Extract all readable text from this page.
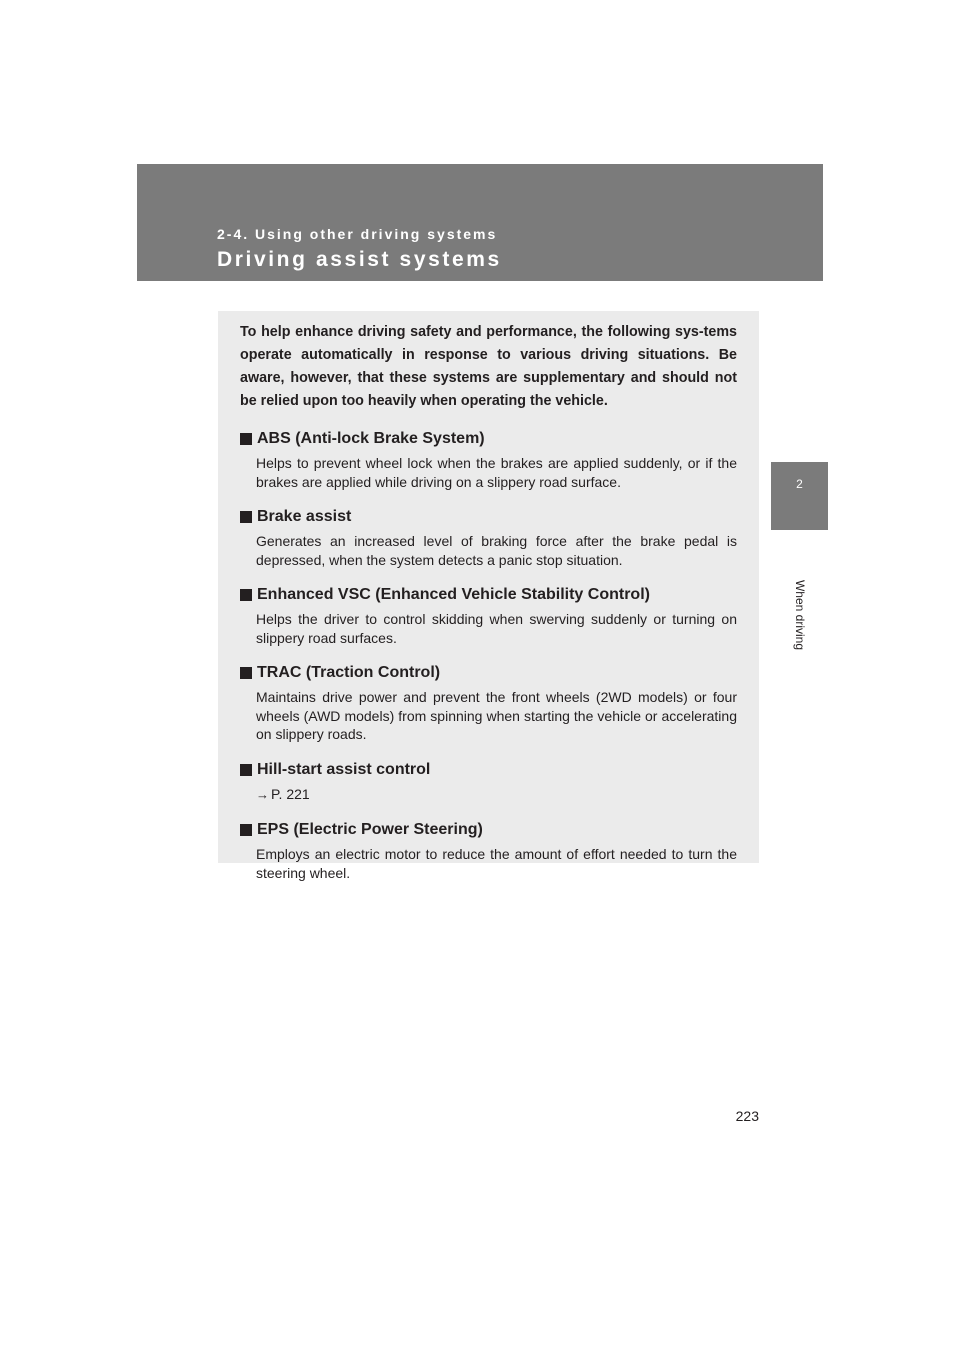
2-4. Using other driving systems
Driving assist systems
2
When driving

To help enhance driving safety and performance, the following sys-tems operate automatically in response to various driving situations. Be aware, however, that these systems are supplementary and should not be relied upon too heavily when operating the vehicle.

ABS (Anti-lock Brake System)
Helps to prevent wheel lock when the brakes are applied suddenly, or if the brakes are applied while driving on a slippery road surface.
Brake assist
Generates an increased level of braking force after the brake pedal is depressed, when the system detects a panic stop situation.
Enhanced VSC (Enhanced Vehicle Stability Control)
Helps the driver to control skidding when swerving suddenly or turning on slippery road surfaces.
TRAC (Traction Control)
Maintains drive power and prevent the front wheels (2WD models) or four wheels (AWD models) from spinning when starting the vehicle or accelerating on slippery roads.
Hill-start assist control
→ P. 221
EPS (Electric Power Steering)
Employs an electric motor to reduce the amount of effort needed to turn the steering wheel.
223
